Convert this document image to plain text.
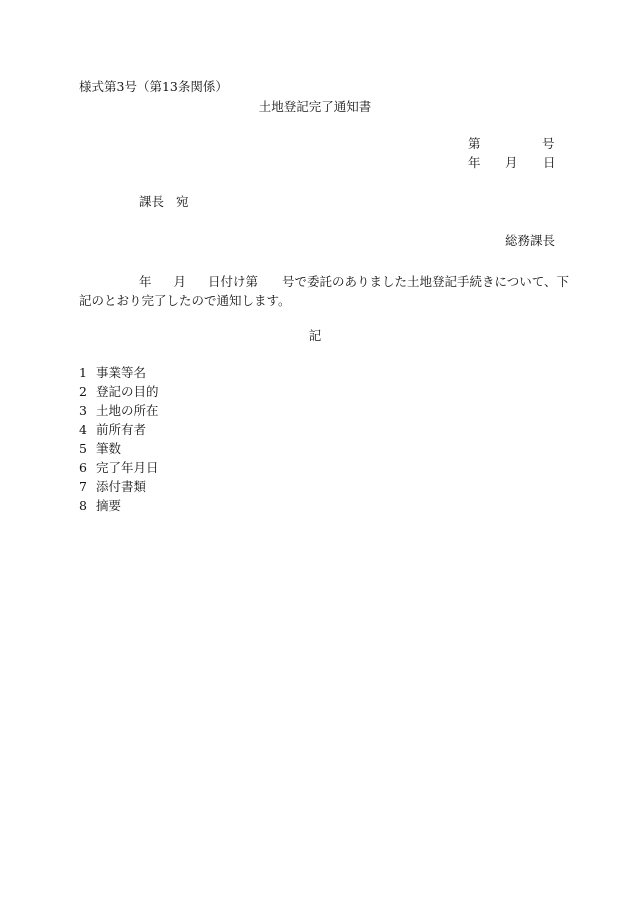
様式第3号（第13条関係）
土地登記完了通知書
第	号
年 月 日
課長 宛
総務課長
年 月 日付け第 号で委託のありました土地登記手続きについて、下
記のとおり完了したので通知します。
記
1 事業等名
2 登記の目的
3 土地の所在
4 前所有者
5 筆数
6 完了年月日
7 添付書類
8 摘要
